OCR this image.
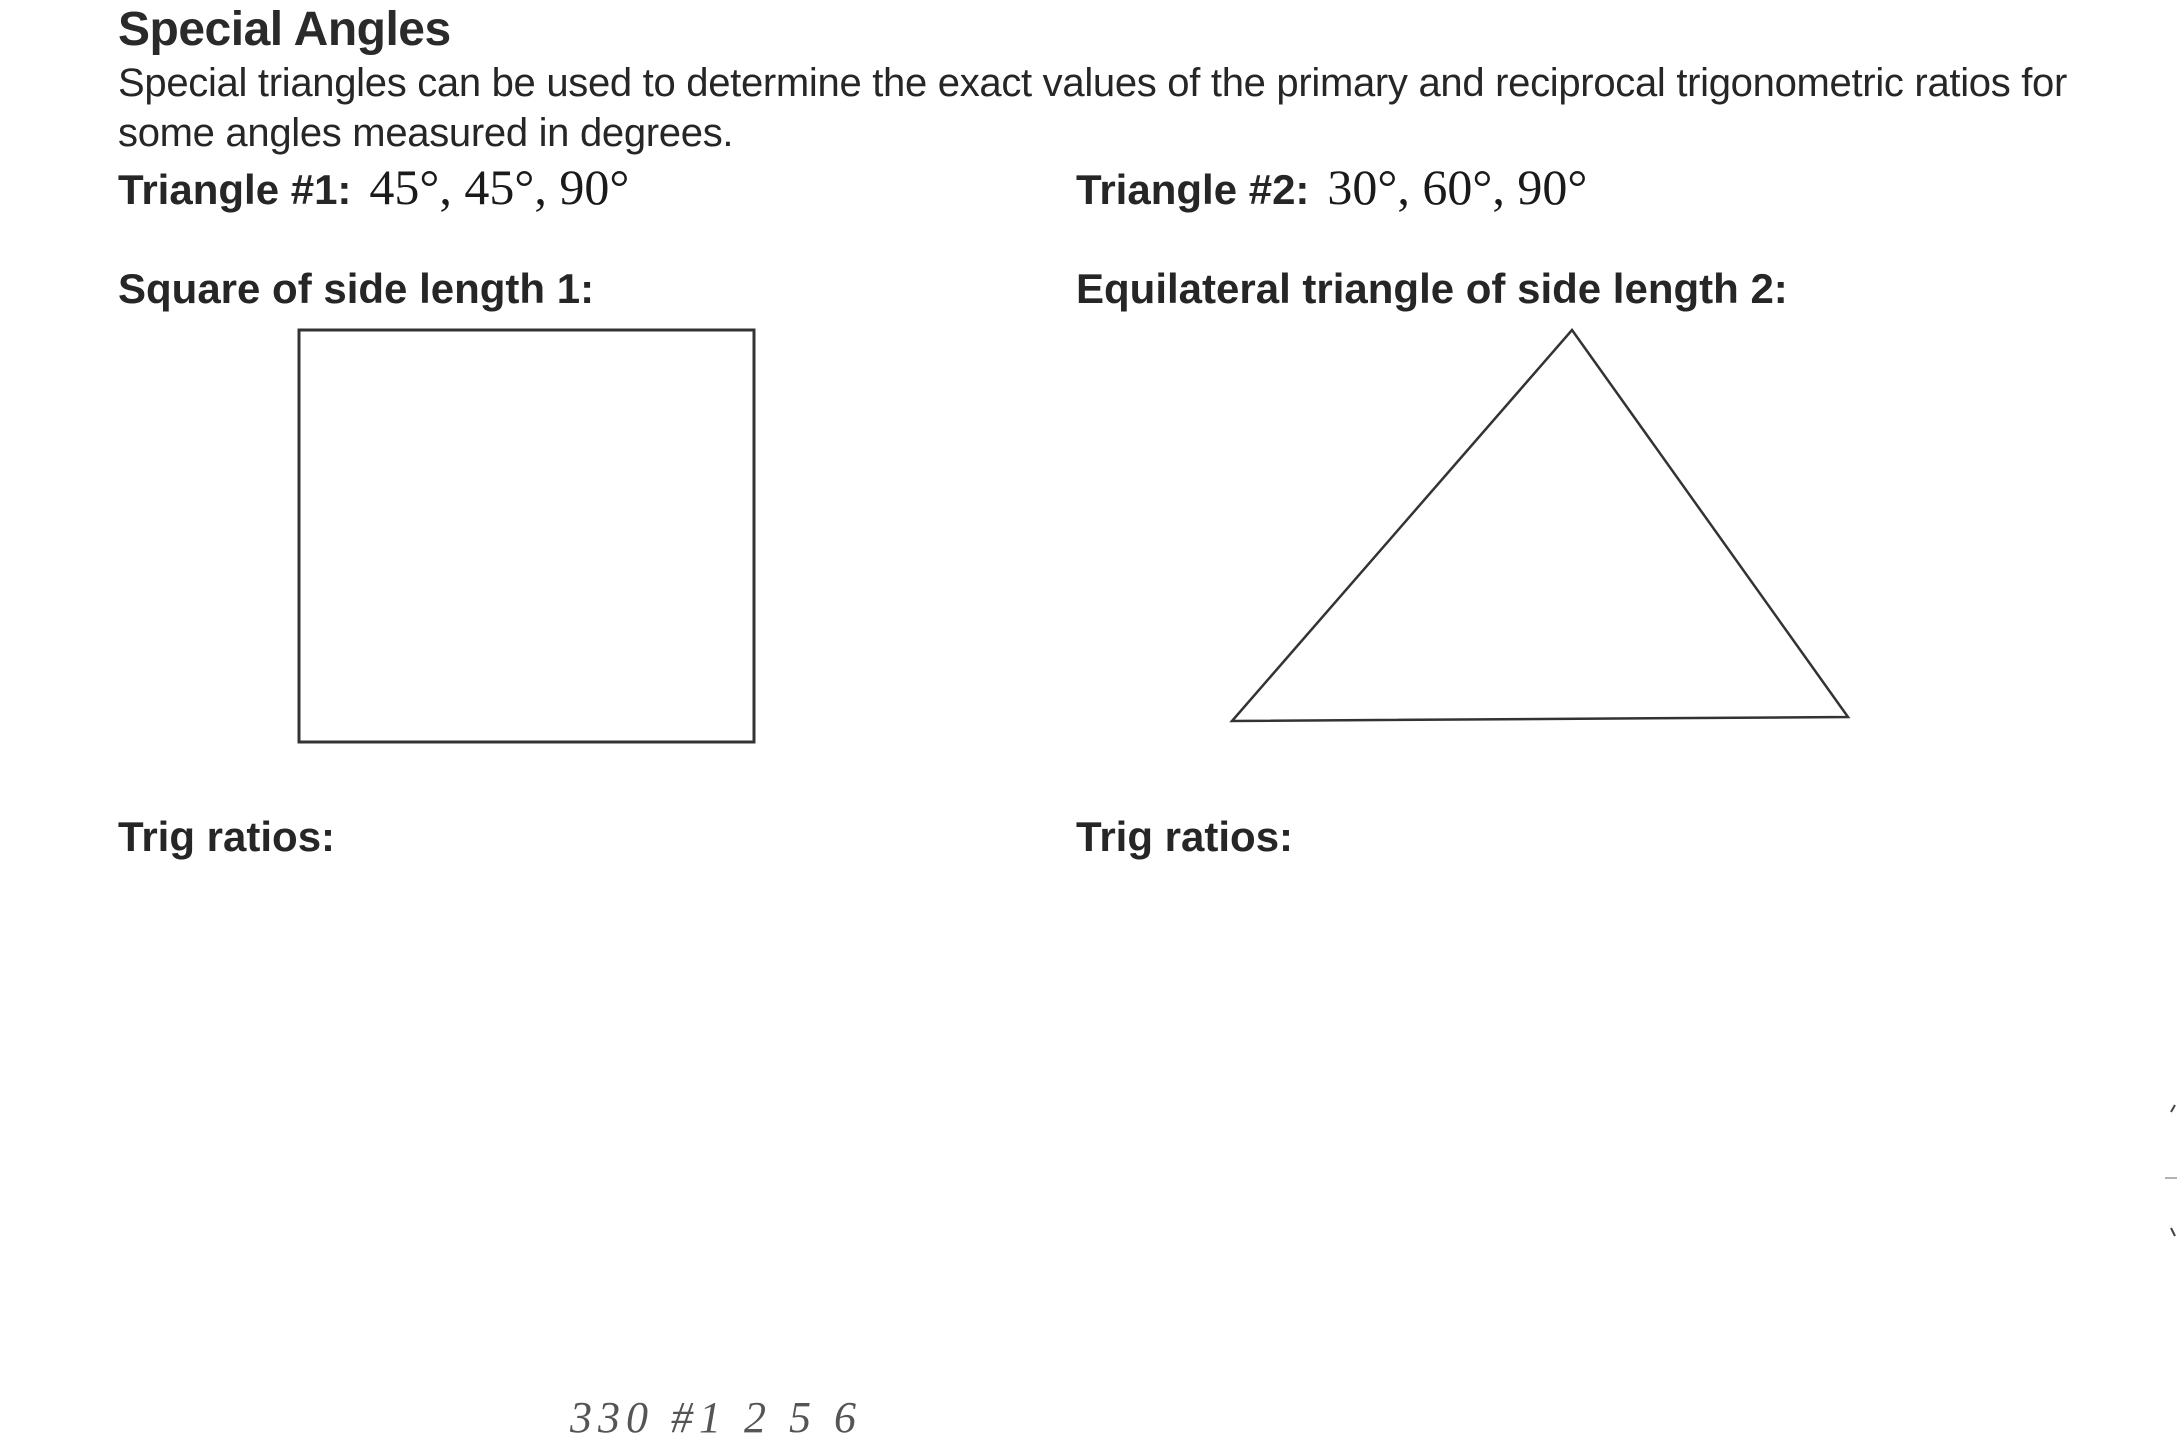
Special Angles
Special triangles can be used to determine the exact values of the primary and reciprocal trigonometric ratios for some angles measured in degrees.
Triangle #1: 45°, 45°, 90°	Triangle #2: 30°, 60°, 90°
Square of side length 1:	Equilateral triangle of side length 2:
Trig ratios:	Trig ratios:
330 #1 2 5 6
